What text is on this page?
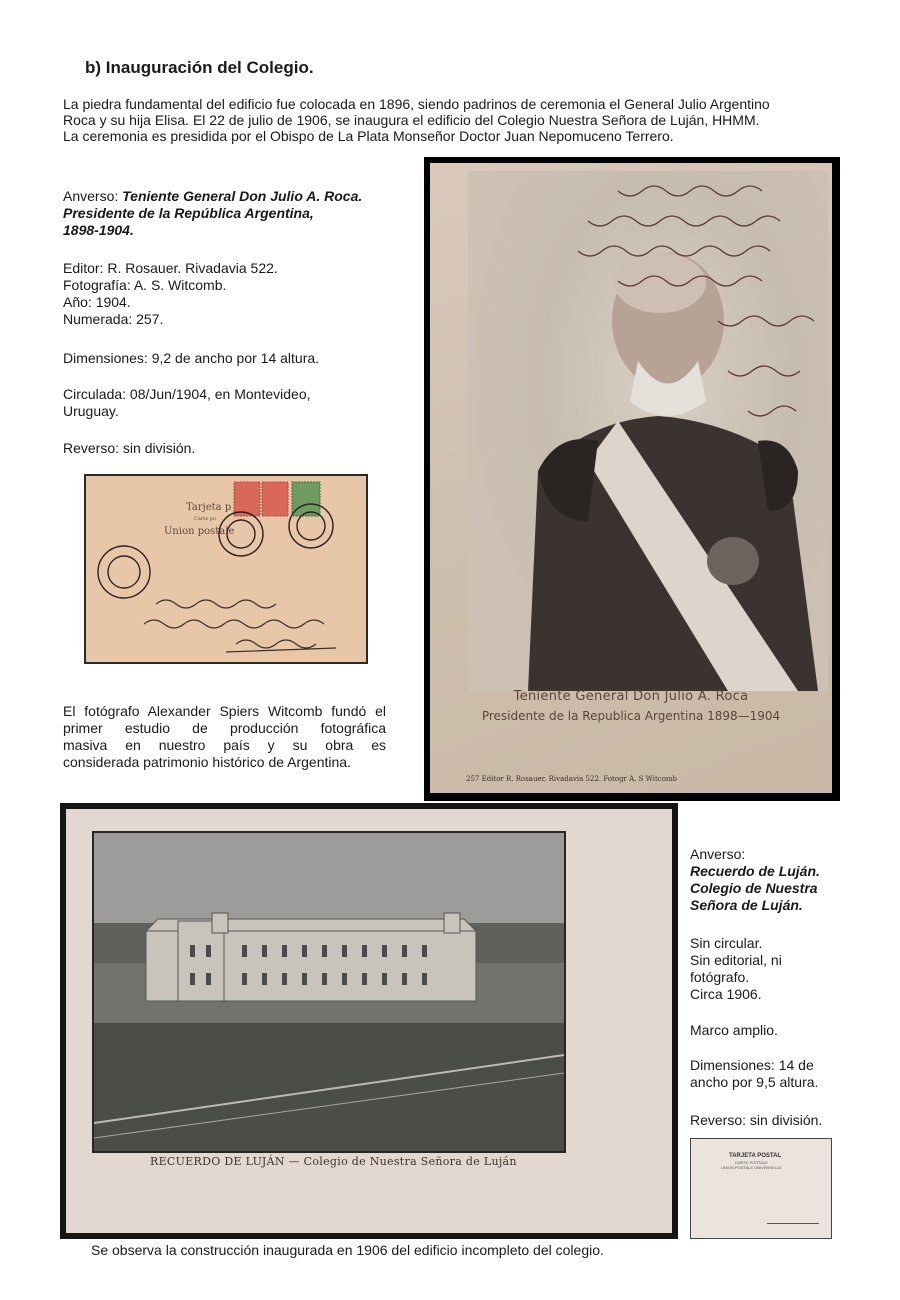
b) Inauguración del Colegio.

La piedra fundamental del edificio fue colocada en 1896, siendo padrinos de ceremonia el General Julio Argentino

Roca y su hija Elisa. El 22 de julio de 1906, se inaugura el edificio del Colegio Nuestra Señora de Luján, HHMM.

La ceremonia es presidida por el Obispo de La Plata Monseñor Doctor Juan Nepomuceno Terrero.

Anverso: Teniente General Don Julio A. Roca.
Presidente de la República Argentina,
1898-1904.
Editor: R. Rosauer. Rivadavia 522.
Fotografía: A. S. Witcomb.
Año: 1904.
Numerada: 257.
Dimensiones: 9,2 de ancho por 14 altura.
Circulada: 08/Jun/1904, en Montevideo,
Uruguay.
Reverso: sin división.
Tarjeta p
Carte po
Union postale
El fotógrafo Alexander Spiers Witcomb fundó el
primer estudio de producción fotográfica
masiva en nuestro país y su obra es
considerada patrimonio histórico de Argentina.
Teniente General Don Julio A. Roca
Presidente de la Republica Argentina 1898—1904
257 Editor R. Rosauer, Rivadavia 522. Fotogr A. S Witcomb
RECUERDO DE LUJÁN — Colegio de Nuestra Señora de Luján
Anverso:
Recuerdo de Luján.
Colegio de Nuestra
Señora de Luján.
Sin circular.
Sin editorial, ni
fotógrafo.
Circa 1906.
Marco amplio.
Dimensiones: 14 de
ancho por 9,5 altura.
Reverso: sin división.
TARJETA POSTAL
CARTE POSTALE
UNION POSTALE UNIVERSELLE
Se observa la construcción inaugurada en 1906 del edificio incompleto del colegio.
